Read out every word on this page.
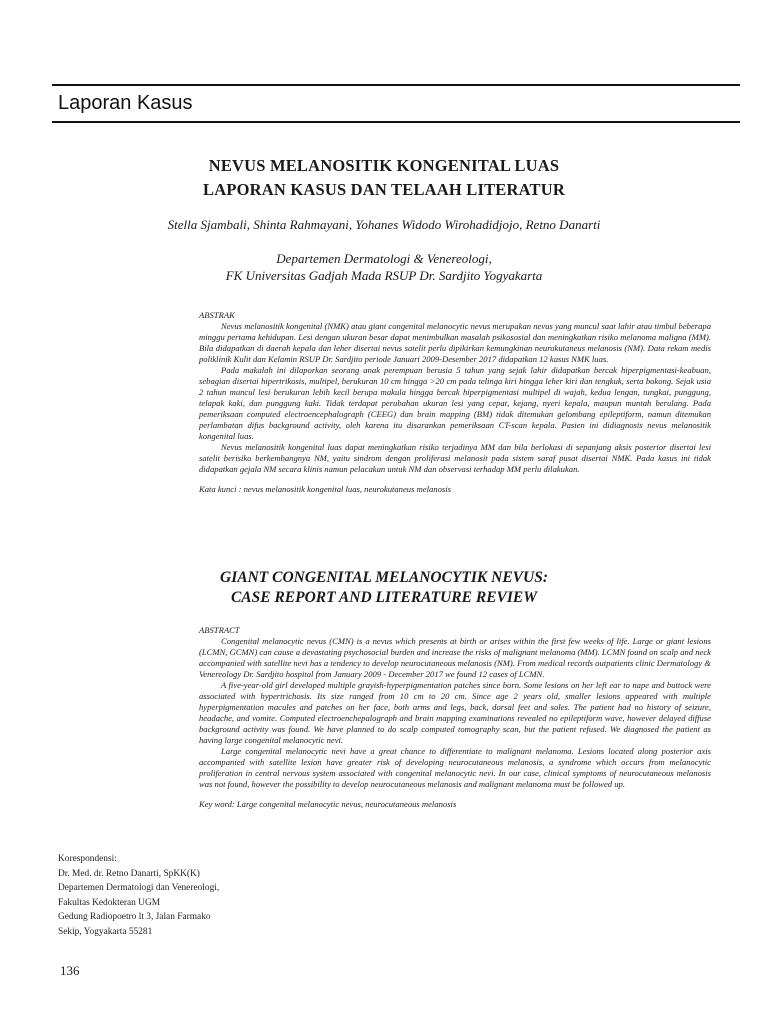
Laporan Kasus
NEVUS MELANOSITIK KONGENITAL LUAS
LAPORAN KASUS DAN TELAAH LITERATUR
Stella Sjambali, Shinta Rahmayani, Yohanes Widodo Wirohadidjojo, Retno Danarti
Departemen Dermatologi & Venereologi,
FK Universitas Gadjah Mada RSUP Dr. Sardjito Yogyakarta

ABSTRAK

Nevus melanositik kongenital (NMK) atau giant congenital melanocytic nevus merupakan nevus yang muncul saat lahir atau timbul beberapa minggu pertama kehidupan. Lesi dengan ukuran besar dapat menimbulkan masalah psikososial dan meningkatkan risiko melanoma maligna (MM). Bila didapatkan di daerah kepala dan leher disertai nevus satelit perlu dipikirkan kemungkinan neurokutaneus melanosis (NM). Data rekam medis poliklinik Kulit dan Kelamin RSUP Dr. Sardjito periode Januari 2009-Desember 2017 didapatkan 12 kasus NMK luas.

Pada makalah ini dilaporkan seorang anak perempuan berusia 5 tahun yang sejak lahir didapatkan bercak hiperpigmentasi-keabuan, sebagian disertai hipertrikosis, multipel, berukuran 10 cm hingga >20 cm pada telinga kiri hingga leher kiri dan tengkuk, serta bokong. Sejak usia 2 tahun muncul lesi berukuran lebih kecil berupa makula hingga bercak hiperpigmentasi multipel di wajah, kedua lengan, tungkai, punggung, telapak kaki, dan punggung kaki. Tidak terdapat perubahan ukuran lesi yang cepat, kejang, nyeri kepala, maupun muntah berulang. Pada pemeriksaan computed electroencephalograph (CEEG) dan brain mapping (BM) tidak ditemukan gelombang epileptiform, namun ditemukan perlambatan difus background activity, oleh karena itu disarankan pemeriksaan CT-scan kepala. Pasien ini didiagnosis nevus melanositik kongenital luas.

Nevus melanositik kongenital luas dapat meningkatkan risiko terjadinya MM dan bila berlokasi di sepanjang aksis posterior disertai lesi satelit berisiko berkembangnya NM, yaitu sindrom dengan proliferasi melanosit pada sistem saraf pusat disertai NMK. Pada kasus ini tidak didapatkan gejala NM secara klinis namun pelacakan untuk NM dan observasi terhadap MM perlu dilakukan.

Kata kunci : nevus melanositik kongenital luas, neurokutaneus melanosis

GIANT CONGENITAL MELANOCYTIK NEVUS:
CASE REPORT AND LITERATURE REVIEW

ABSTRACT

Congenital melanocytic nevus (CMN) is a nevus which presents at birth or arises within the first few weeks of life. Large or giant lesions (LCMN, GCMN) can cause a devastating psychosocial burden and increase the risks of malignant melanoma (MM). LCMN found on scalp and neck accompanied with satellite nevi has a tendency to develop neurocutaneous melanosis (NM). From medical records outpatients clinic Dermatology & Venereology Dr. Sardjito hospital from January 2009 - December 2017 we found 12 cases of LCMN.

A five-year-old girl developed multiple grayish-hyperpigmentation patches since born. Some lesions on her left ear to nape and buttock were associated with hypertrichosis. Its size ranged from 10 cm to 20 cm. Since age 2 years old, smaller lesions appeared with multiple hyperpigmentation macules and patches on her face, both arms and legs, back, dorsal feet and soles. The patient had no history of seizure, headache, and vomite. Computed electroenchepalograph and brain mapping examinations revealed no epileptiform wave, however delayed diffuse background activity was found. We have planned to do scalp computed tomography scan, but the patient refused. We diagnosed the patient as having large congenital melanocytic nevi.

Large congenital melanocytic nevi have a great chance to differentiate to malignant melanoma. Lesions located along posterior axis accompanied with satellite lesion have greater risk of developing neurocutaneous melanosis, a syndrome which occurs from melanocytic proliferation in central nervous system associated with congenital melanocytic nevi. In our case, clinical symptoms of neurocutaneous melanosis was not found, however the possibility to develop neurocutaneous melanosis and malignant melanoma must be followed up.

Key word: Large congenital melanocytic nevus, neurocutaneous melanosis

Korespondensi:
Dr. Med. dr. Retno Danarti, SpKK(K)
Departemen Dermatologi dan Venereologi,
Fakultas Kedokteran UGM
Gedung Radiopoetro lt 3, Jalan Farmako
Sekip, Yogyakarta 55281
136
